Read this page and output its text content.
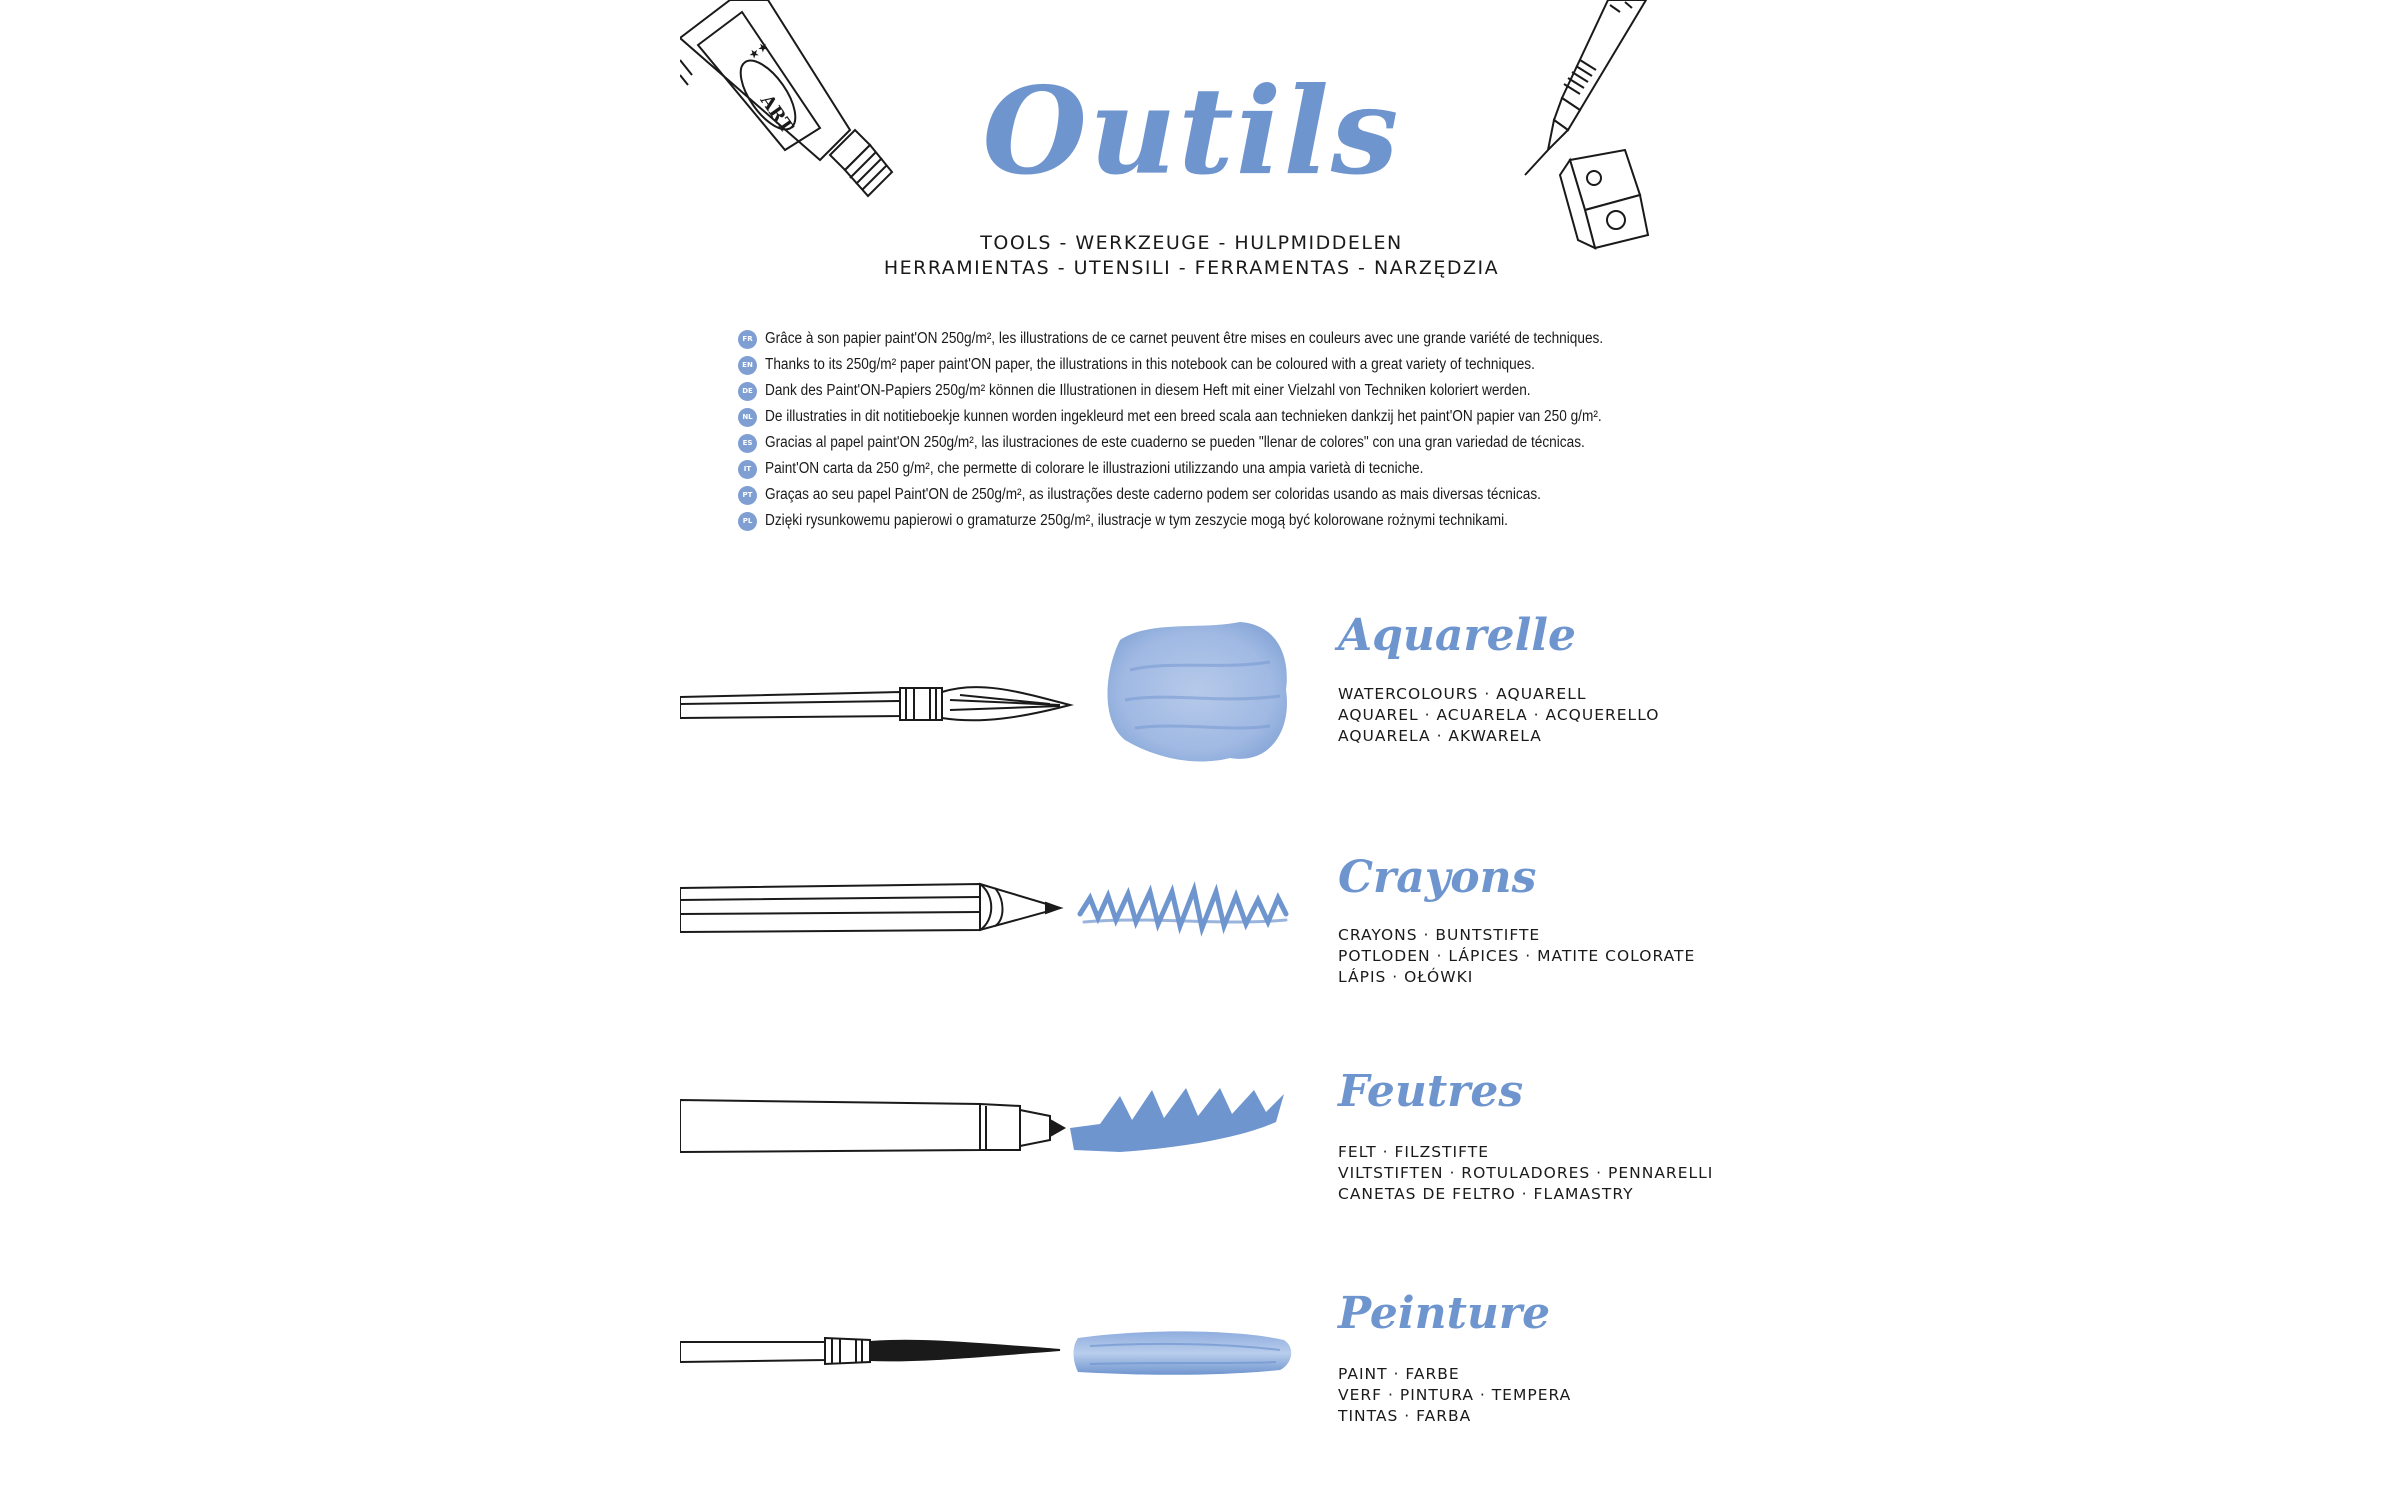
★★
ART	Outils
TOOLS - WERKZEUGE - HULPMIDDELEN
HERRAMIENTAS - UTENSILI - FERRAMENTAS - NARZĘDZIA
FR Grâce à son papier paint'ON 250g/m², les illustrations de ce carnet peuvent être mises en couleurs avec une grande variété de techniques.
EN Thanks to its 250g/m² paper paint'ON paper, the illustrations in this notebook can be coloured with a great variety of techniques.
DE Dank des Paint'ON-Papiers 250g/m² können die Illustrationen in diesem Heft mit einer Vielzahl von Techniken koloriert werden.
NL De illustraties in dit notitieboekje kunnen worden ingekleurd met een breed scala aan technieken dankzij het paint'ON papier van 250 g/m².
ES Gracias al papel paint'ON 250g/m², las ilustraciones de este cuaderno se pueden "llenar de colores" con una gran variedad de técnicas.
IT Paint'ON carta da 250 g/m², che permette di colorare le illustrazioni utilizzando una ampia varietà di tecniche.
PT Graças ao seu papel Paint'ON de 250g/m², as ilustrações deste caderno podem ser coloridas usando as mais diversas técnicas.
PL Dzięki rysunkowemu papierowi o gramaturze 250g/m², ilustracje w tym zeszycie mogą być kolorowane rożnymi technikami.
Aquarelle
WATERCOLOURS · AQUARELL
AQUAREL · ACUARELA · ACQUERELLO
AQUARELA · AKWARELA
Crayons
CRAYONS · BUNTSTIFTE
POTLODEN · LÁPICES · MATITE COLORATE
LÁPIS · OŁÓWKI
Feutres
FELT · FILZSTIFTE
VILTSTIFTEN · ROTULADORES · PENNARELLI
CANETAS DE FELTRO · FLAMASTRY
Peinture
PAINT · FARBE
VERF · PINTURA · TEMPERA
TINTAS · FARBA
